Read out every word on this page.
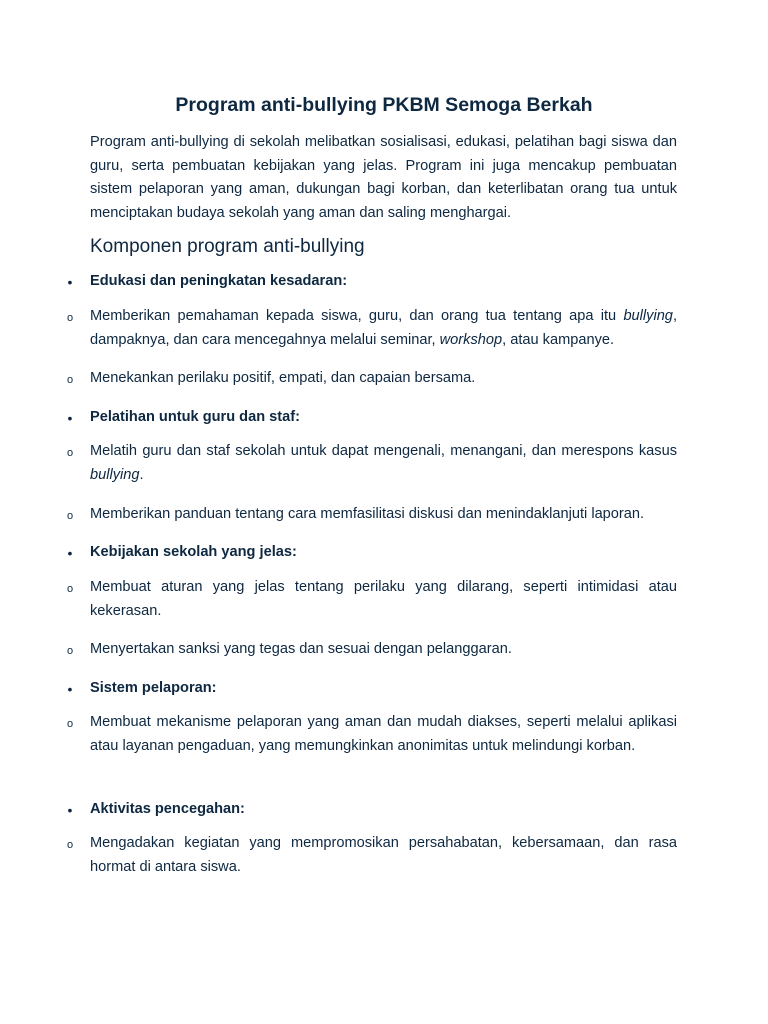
Program anti-bullying PKBM Semoga Berkah
Program anti-bullying di sekolah melibatkan sosialisasi, edukasi, pelatihan bagi siswa dan guru, serta pembuatan kebijakan yang jelas. Program ini juga mencakup pembuatan sistem pelaporan yang aman, dukungan bagi korban, dan keterlibatan orang tua untuk menciptakan budaya sekolah yang aman dan saling menghargai.
Komponen program anti-bullying
•	Edukasi dan peningkatan kesadaran:
o	Memberikan pemahaman kepada siswa, guru, dan orang tua tentang apa itu bullying, dampaknya, dan cara mencegahnya melalui seminar, workshop, atau kampanye.
o	Menekankan perilaku positif, empati, dan capaian bersama.
•	Pelatihan untuk guru dan staf:
o	Melatih guru dan staf sekolah untuk dapat mengenali, menangani, dan merespons kasus bullying.
o	Memberikan panduan tentang cara memfasilitasi diskusi dan menindaklanjuti laporan.
•	Kebijakan sekolah yang jelas:
o	Membuat aturan yang jelas tentang perilaku yang dilarang, seperti intimidasi atau kekerasan.
o	Menyertakan sanksi yang tegas dan sesuai dengan pelanggaran.
•	Sistem pelaporan:
o	Membuat mekanisme pelaporan yang aman dan mudah diakses, seperti melalui aplikasi atau layanan pengaduan, yang memungkinkan anonimitas untuk melindungi korban.
•	Aktivitas pencegahan:
o	Mengadakan kegiatan yang mempromosikan persahabatan, kebersamaan, dan rasa hormat di antara siswa.
